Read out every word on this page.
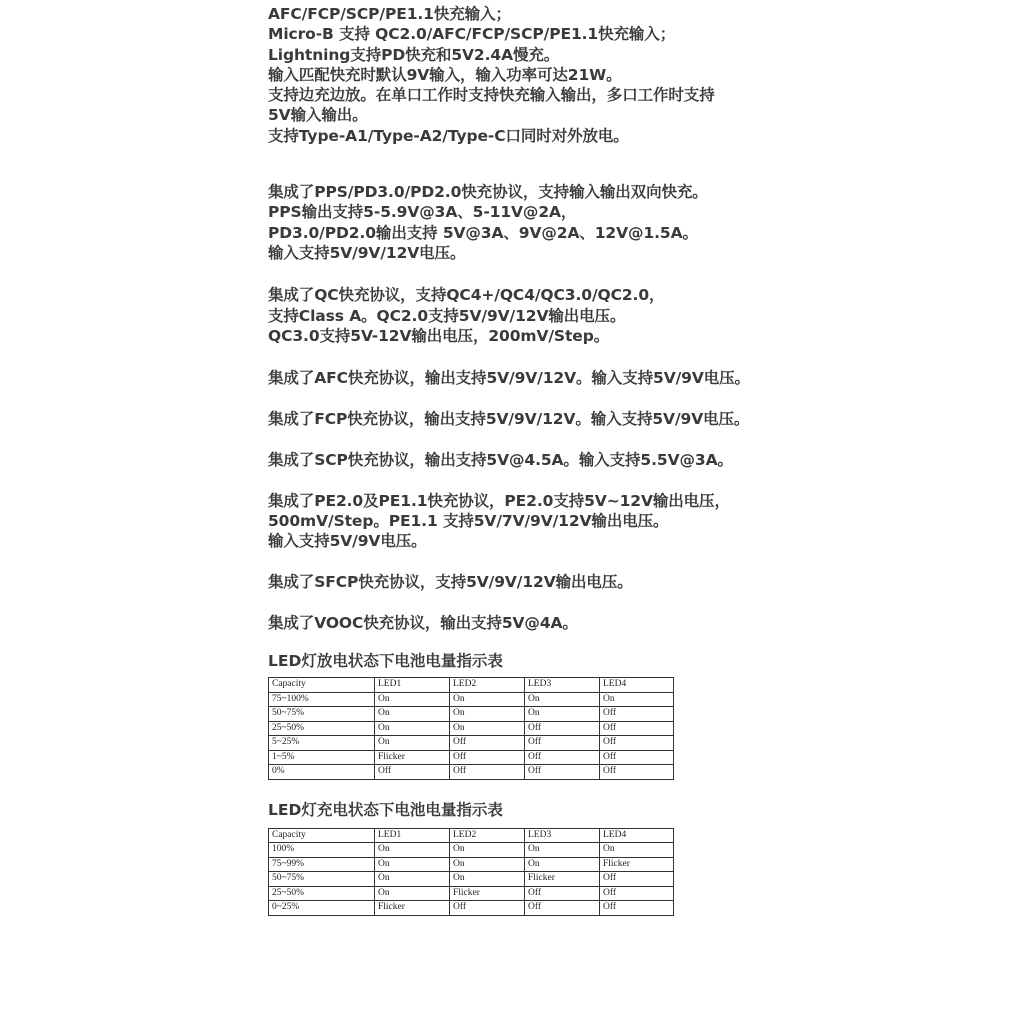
AFC/FCP/SCP/PE1.1快充输入；
Micro-B 支持 QC2.0/AFC/FCP/SCP/PE1.1快充输入；
Lightning支持PD快充和5V2.4A慢充。
输入匹配快充时默认9V输入，输入功率可达21W。
支持边充边放。在单口工作时支持快充输入输出，多口工作时支持
5V输入输出。
支持Type-A1/Type-A2/Type-C口同时对外放电。
集成了PPS/PD3.0/PD2.0快充协议，支持输入输出双向快充。
PPS输出支持5-5.9V@3A、5-11V@2A，
PD3.0/PD2.0输出支持 5V@3A、9V@2A、12V@1.5A。
输入支持5V/9V/12V电压。
集成了QC快充协议，支持QC4+/QC4/QC3.0/QC2.0，
支持Class A。QC2.0支持5V/9V/12V输出电压。
QC3.0支持5V-12V输出电压，200mV/Step。
集成了AFC快充协议，输出支持5V/9V/12V。输入支持5V/9V电压。
集成了FCP快充协议，输出支持5V/9V/12V。输入支持5V/9V电压。
集成了SCP快充协议，输出支持5V@4.5A。输入支持5.5V@3A。
集成了PE2.0及PE1.1快充协议，PE2.0支持5V~12V输出电压，
500mV/Step。PE1.1 支持5V/7V/9V/12V输出电压。
输入支持5V/9V电压。
集成了SFCP快充协议，支持5V/9V/12V输出电压。
集成了VOOC快充协议，输出支持5V@4A。
LED灯放电状态下电池电量指示表
Capacity	LED1	LED2	LED3	LED4
75~100%	On	On	On	On
50~75%	On	On	On	Off
25~50%	On	On	Off	Off
5~25%	On	Off	Off	Off
1~5%	Flicker	Off	Off	Off
0%	Off	Off	Off	Off
LED灯充电状态下电池电量指示表
Capacity	LED1	LED2	LED3	LED4
100%	On	On	On	On
75~99%	On	On	On	Flicker
50~75%	On	On	Flicker	Off
25~50%	On	Flicker	Off	Off
0~25%	Flicker	Off	Off	Off
